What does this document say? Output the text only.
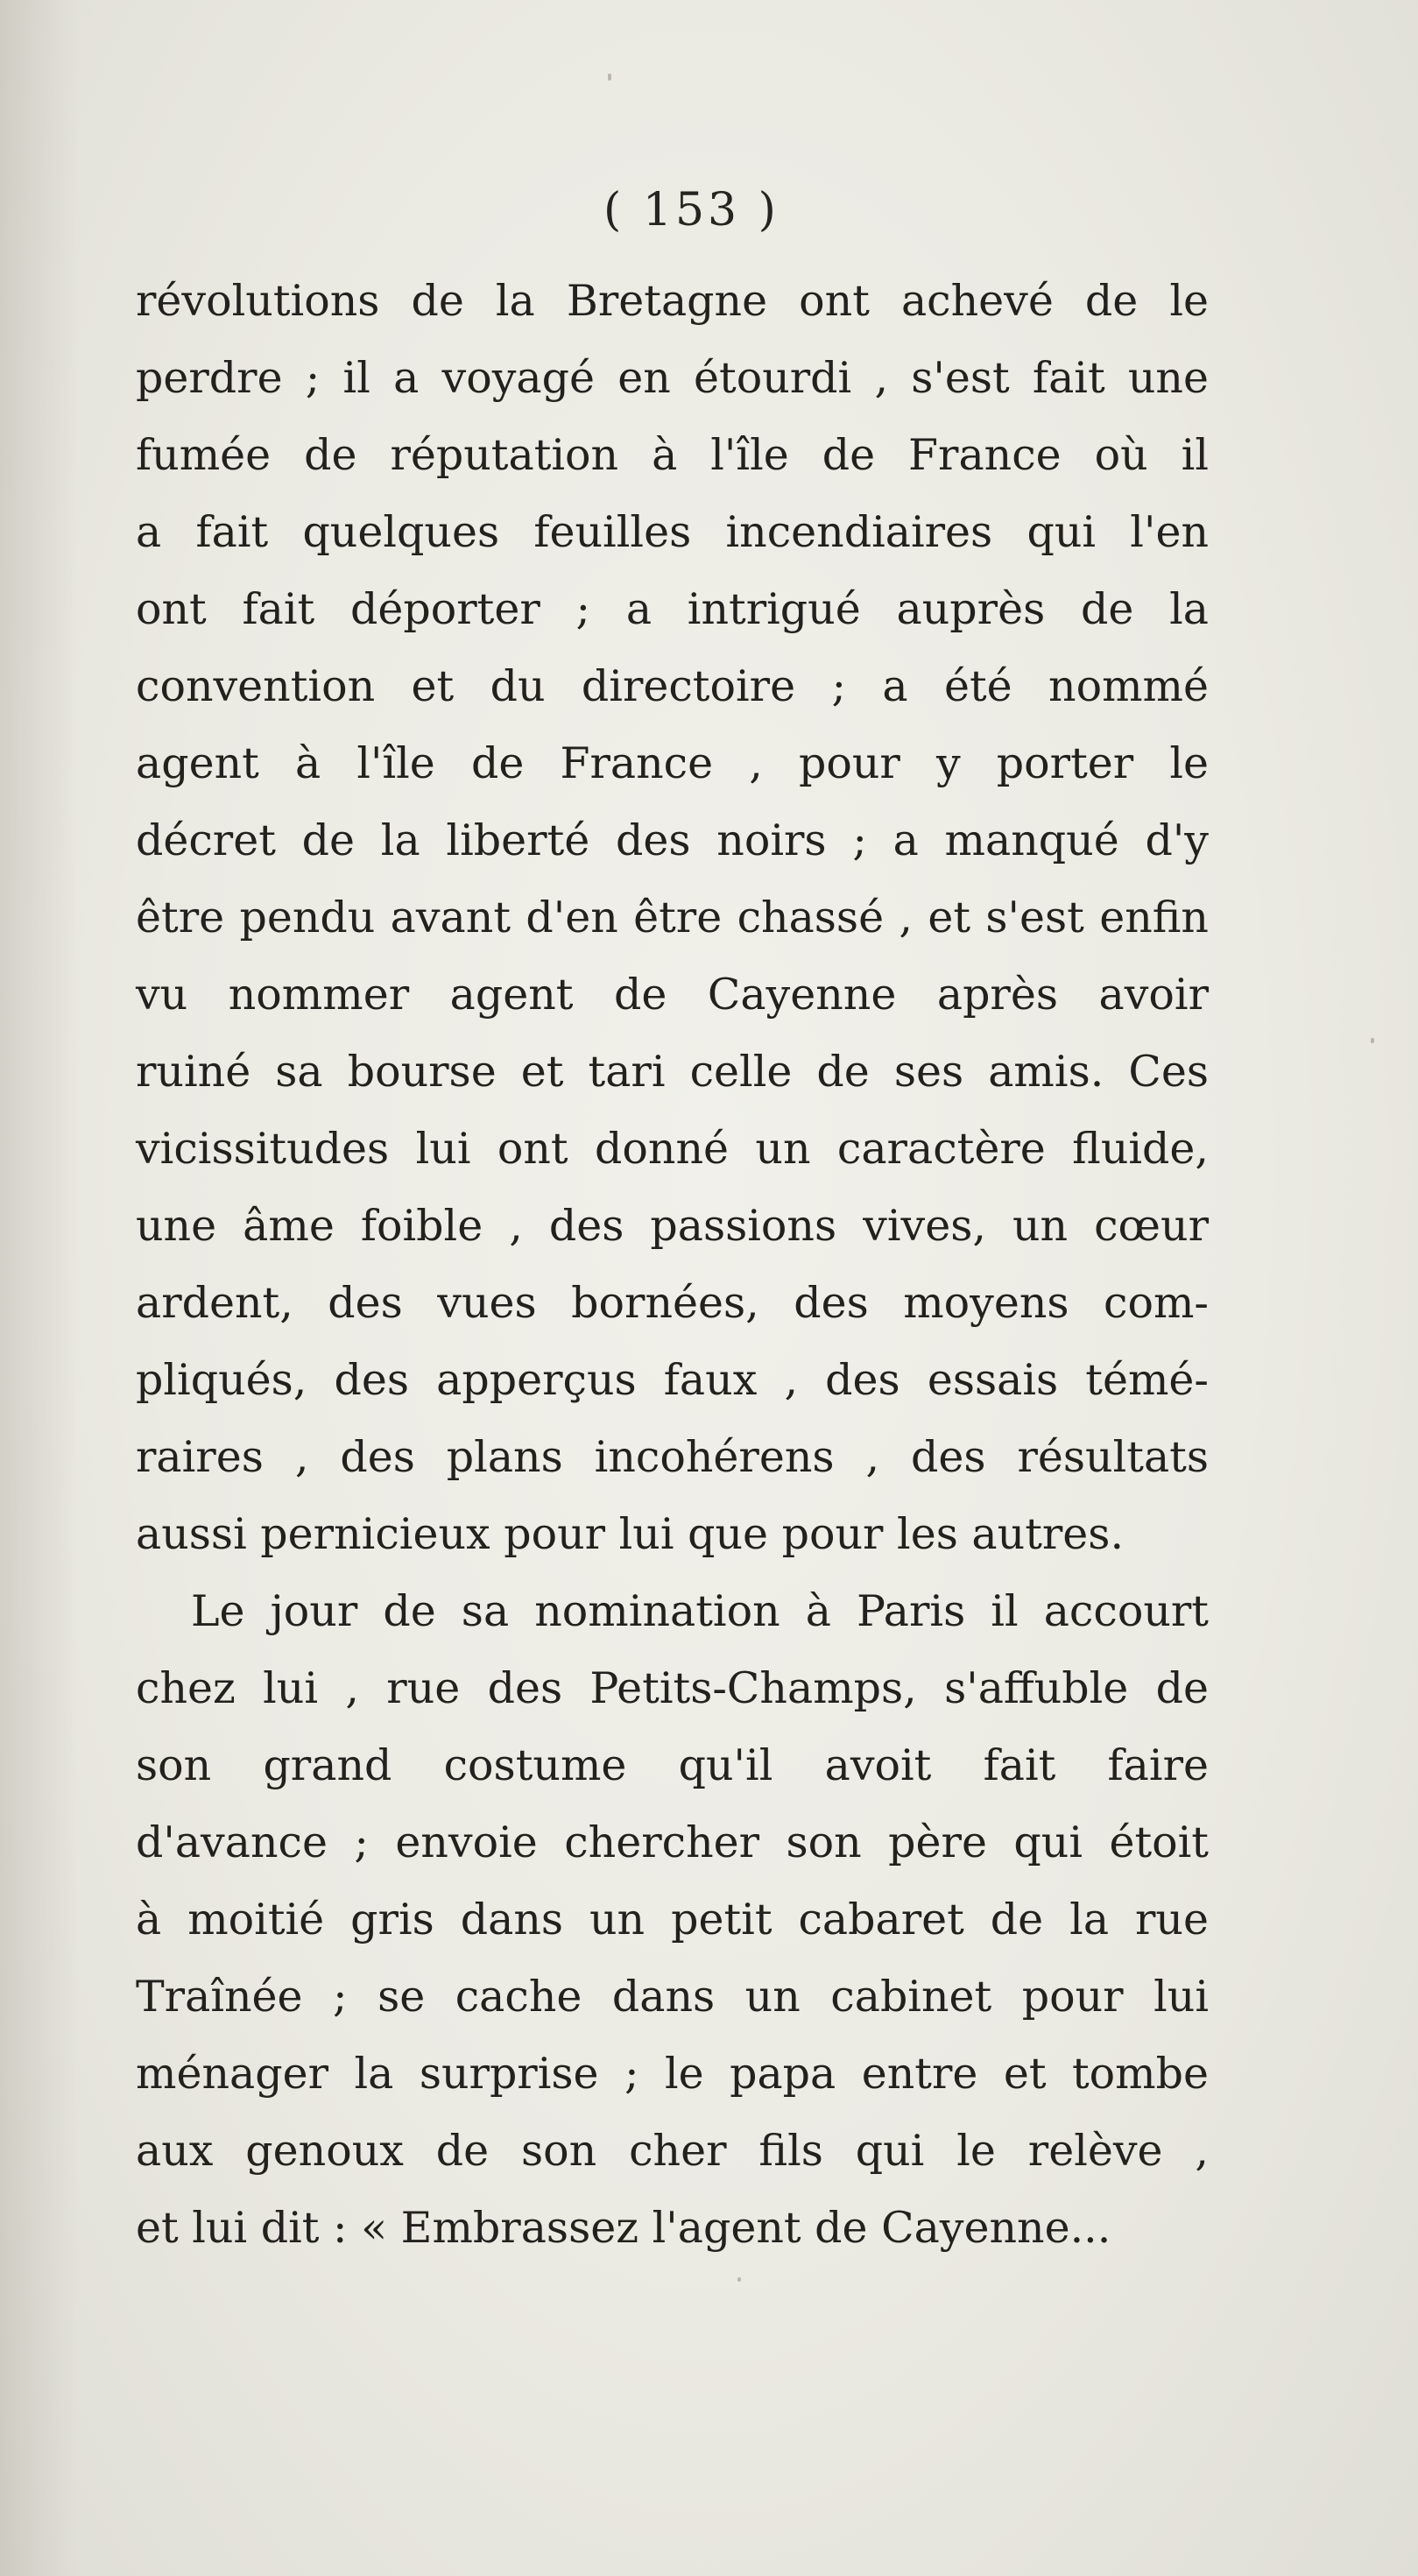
( 153 )
révolutions de la Bretagne ont achevé de le
perdre ; il a voyagé en étourdi , s'est fait une
fumée de réputation à l'île de France où il
a fait quelques feuilles incendiaires qui l'en
ont fait déporter ; a intrigué auprès de la
convention et du directoire ; a été nommé
agent à l'île de France , pour y porter le
décret de la liberté des noirs ; a manqué d'y
être pendu avant d'en être chassé , et s'est enfin
vu nommer agent de Cayenne après avoir
ruiné sa bourse et tari celle de ses amis. Ces
vicissitudes lui ont donné un caractère fluide,
une âme foible , des passions vives, un cœur
ardent, des vues bornées, des moyens com-
pliqués, des apperçus faux , des essais témé-
raires , des plans incohérens , des résultats
aussi pernicieux pour lui que pour les autres.
Le jour de sa nomination à Paris il accourt
chez lui , rue des Petits-Champs, s'affuble de
son grand costume qu'il avoit fait faire
d'avance ; envoie chercher son père qui étoit
à moitié gris dans un petit cabaret de la rue
Traînée ; se cache dans un cabinet pour lui
ménager la surprise ; le papa entre et tombe
aux genoux de son cher fils qui le relève ,
et lui dit : « Embrassez l'agent de Cayenne...
